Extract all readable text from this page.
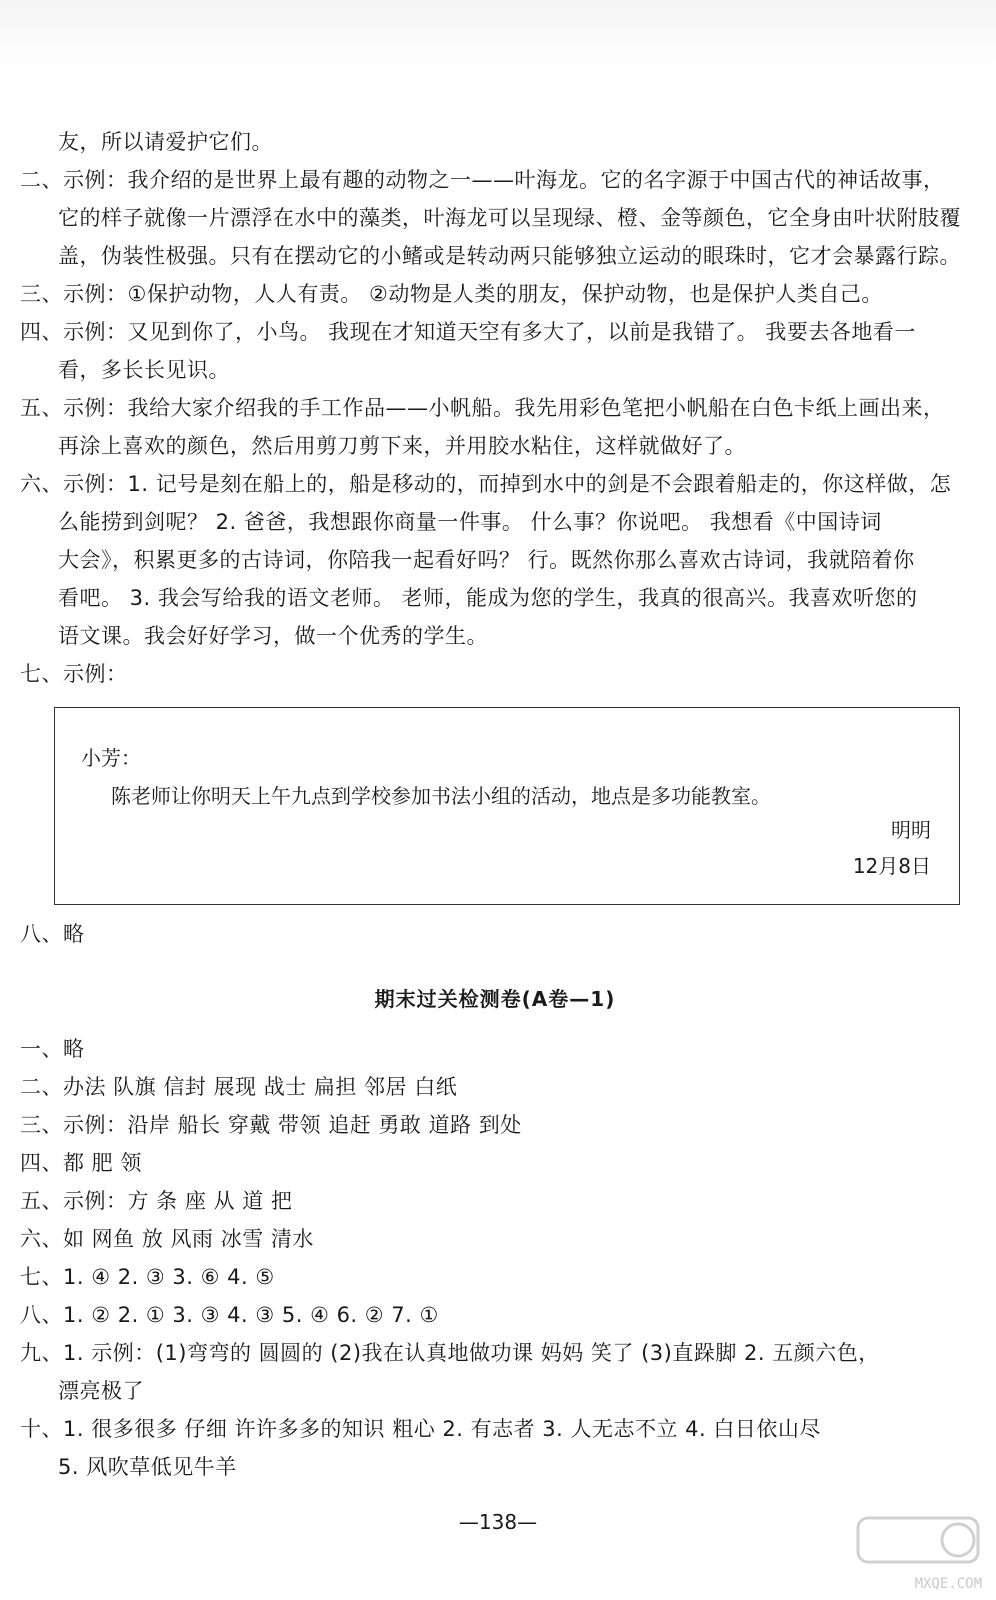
友，所以请爱护它们。

二、示例：我介绍的是世界上最有趣的动物之一——叶海龙。它的名字源于中国古代的神话故事，

它的样子就像一片漂浮在水中的藻类，叶海龙可以呈现绿、橙、金等颜色，它全身由叶状附肢覆

盖，伪装性极强。只有在摆动它的小鳍或是转动两只能够独立运动的眼珠时，它才会暴露行踪。

三、示例：①保护动物，人人有责。 ②动物是人类的朋友，保护动物，也是保护人类自己。

四、示例：又见到你了，小鸟。 我现在才知道天空有多大了，以前是我错了。 我要去各地看一

看，多长长见识。

五、示例：我给大家介绍我的手工作品——小帆船。我先用彩色笔把小帆船在白色卡纸上画出来，

再涂上喜欢的颜色，然后用剪刀剪下来，并用胶水粘住，这样就做好了。

六、示例：1. 记号是刻在船上的，船是移动的，而掉到水中的剑是不会跟着船走的，你这样做，怎

么能捞到剑呢？ 2. 爸爸，我想跟你商量一件事。 什么事？你说吧。 我想看《中国诗词

大会》，积累更多的古诗词，你陪我一起看好吗？ 行。既然你那么喜欢古诗词，我就陪着你

看吧。 3. 我会写给我的语文老师。 老师，能成为您的学生，我真的很高兴。我喜欢听您的

语文课。我会好好学习，做一个优秀的学生。

七、示例：

小芳：
陈老师让你明天上午九点到学校参加书法小组的活动，地点是多功能教室。
明明
12月8日

八、略

期末过关检测卷(A卷—1)

一、略

二、办法 队旗 信封 展现 战士 扁担 邻居 白纸

三、示例：沿岸 船长 穿戴 带领 追赶 勇敢 道路 到处

四、都 肥 领

五、示例：方 条 座 从 道 把

六、如 网鱼 放 风雨 冰雪 清水

七、1. ④ 2. ③ 3. ⑥ 4. ⑤

八、1. ② 2. ① 3. ③ 4. ③ 5. ④ 6. ② 7. ①

九、1. 示例：(1)弯弯的 圆圆的 (2)我在认真地做功课 妈妈 笑了 (3)直跺脚 2. 五颜六色，

漂亮极了

十、1. 很多很多 仔细 许许多多的知识 粗心 2. 有志者 3. 人无志不立 4. 白日依山尽

5. 风吹草低见牛羊

—138—
MXQE.COM
